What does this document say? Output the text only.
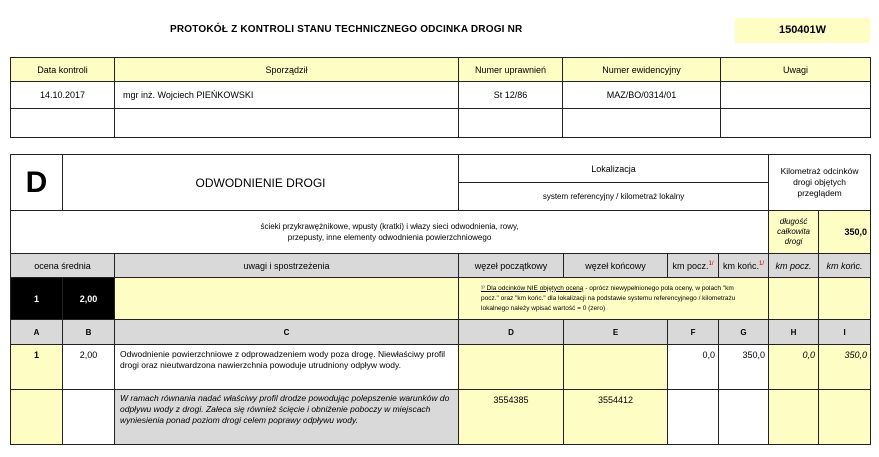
PROTOKÓŁ Z KONTROLI STANU TECHNICZNEGO ODCINKA DROGI NR	150401W
Data kontroli	Sporządził	Numer uprawnień	Numer ewidencyjny	Uwagi
14.10.2017	mgr inż. Wojciech PIEŃKOWSKI	St 12/86	MAZ/BO/0314/01	

D	ODWODNIENIE DROGI		Lokalizacja				Kilometraż odcinków drogi objętych przeglądem	
			system referencyjny / kilometraż lokalny					
ścieki przykrawężnikowe, wpusty (kratki) i włazy sieci odwodnienia, rowy, przepusty, inne elementy odwodnienia powierzchniowego							długość całkowita drogi	350,0
ocena średnia		uwagi i spostrzeżenia	węzeł początkowy	węzeł końcowy	km pocz.$^{1/}$	km końc.$^{1/}$	km pocz.	km końc.
1	2,00		¹⁾ Dla odcinków NIE objętych oceną - oprócz niewypełnionego pola oceny, w polach "km pocz." oraz "km końc." dla lokalizacji na podstawie systemu referencyjnego / kilometrażu lokalnego należy wpisać wartość = 0 (zero)					
A	B	C	D	E	F	G	H	I
1	2,00	Odwodnienie powierzchniowe z odprowadzeniem wody poza drogę. Niewłaściwy profil drogi oraz nieutwardzona nawierzchnia powoduje utrudniony odpływ wody.			0,0	350,0	0,0	350,0
		W ramach równania nadać właściwy profil drodze powodując polepszenie warunków do odpływu wody z drogi. Zaleca się również ścięcie i obniżenie poboczy w miejscach wyniesienia ponad poziom drogi celem poprawy odpływu wody.	3554385	3554412				
